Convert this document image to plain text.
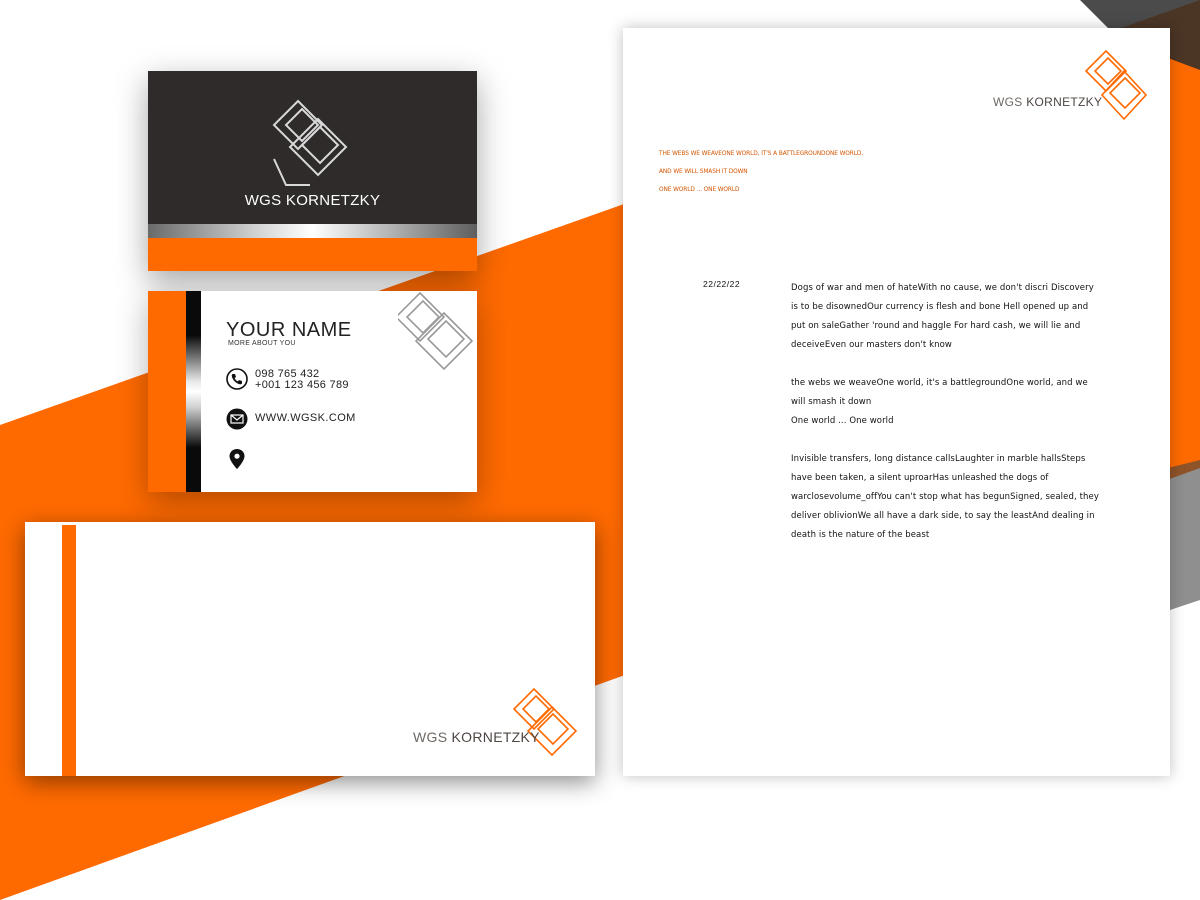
WGS KORNETZKY
YOUR NAME
MORE ABOUT YOU
098 765 432
+001 123 456 789
WWW.WGSK.COM
WGS KORNETZKY
WGS KORNETZKY
THE WEBS WE WEAVEONE WORLD, IT'S A BATTLEGROUNDONE WORLD,
AND WE WILL SMASH IT DOWN
ONE WORLD ... ONE WORLD
22/22/22	Dogs of war and men of hateWith no cause, we don't discri Discovery is to be disownedOur currency is flesh and bone Hell opened up and put on saleGather 'round and haggle For hard cash, we will lie and deceiveEven our masters don't know

the webs we weaveOne world, it's a battlegroundOne world, and we will smash it down
One world ... One world

Invisible transfers, long distance callsLaughter in marble hallsSteps have been taken, a silent uproarHas unleashed the dogs of warclosevolume_offYou can't stop what has begunSigned, sealed, they deliver oblivionWe all have a dark side, to say the leastAnd dealing in death is the nature of the beast
